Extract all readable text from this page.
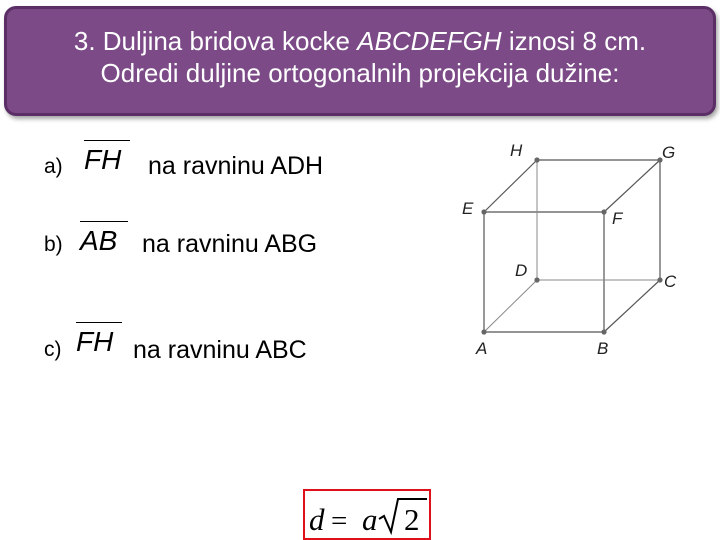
3. Duljina bridova kocke ABCDEFGH iznosi 8 cm.
Odredi duljine ortogonalnih projekcija dužine:
a) FH na ravninu ADH
b) AB na ravninu ABG
c) FH na ravninu ABC
H	G
E
F
D
C
A	B
d = a 2
